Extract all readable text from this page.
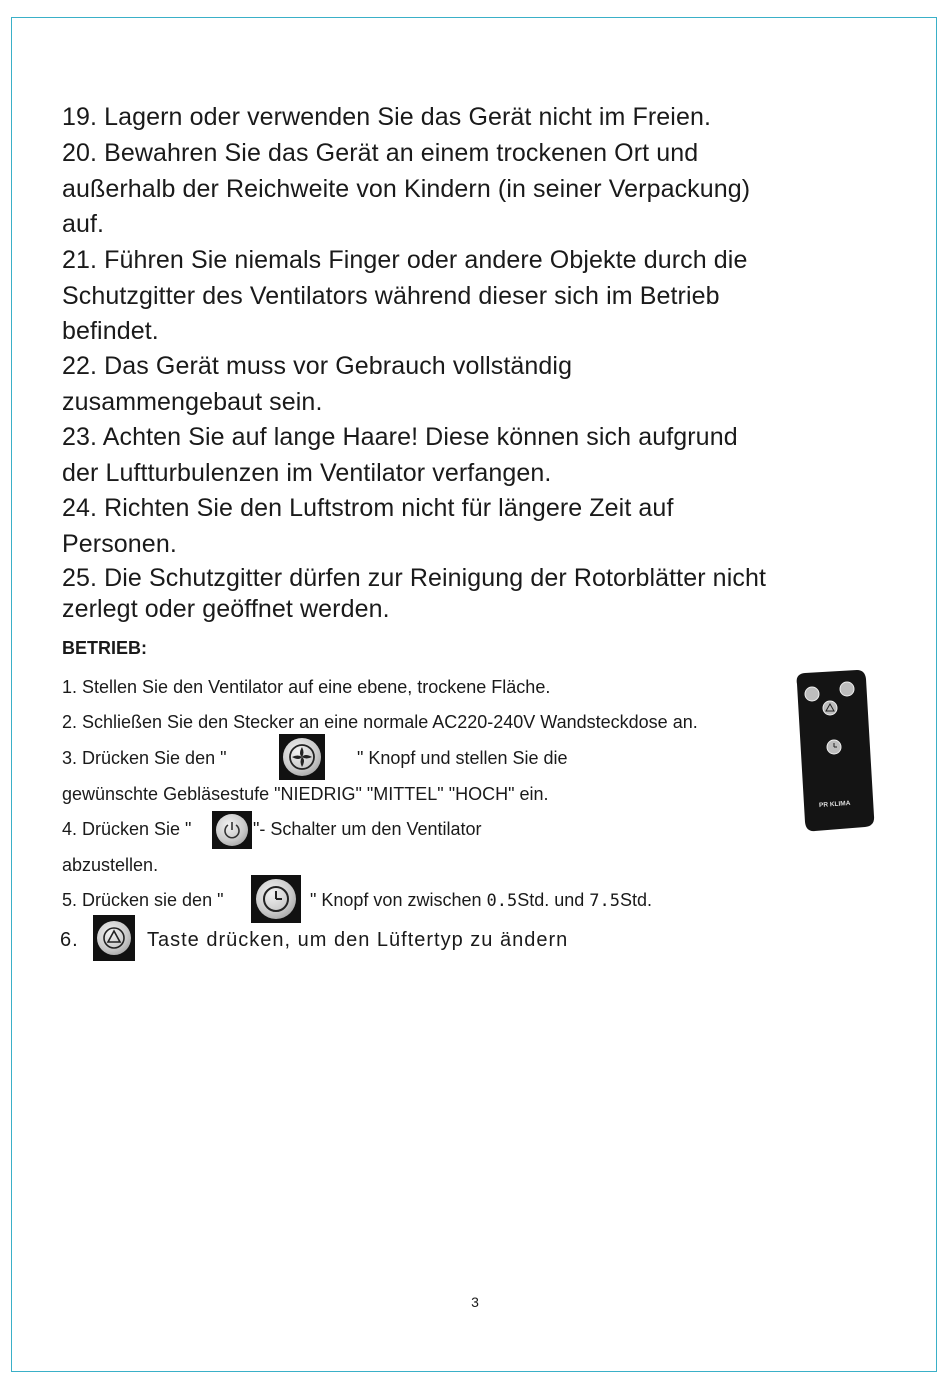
19. Lagern oder verwenden Sie das Gerät nicht im Freien.
20. Bewahren Sie das Gerät an einem trockenen Ort und
außerhalb der Reichweite von Kindern (in seiner Verpackung)
auf.
21. Führen Sie niemals Finger oder andere Objekte durch die
Schutzgitter des Ventilators während dieser sich im Betrieb
befindet.
22. Das Gerät muss vor Gebrauch vollständig
zusammengebaut sein.
23. Achten Sie auf lange Haare! Diese können sich aufgrund
der Luftturbulenzen im Ventilator verfangen.
24. Richten Sie den Luftstrom nicht für längere Zeit auf
Personen.
25. Die Schutzgitter dürfen zur Reinigung der Rotorblätter nicht
zerlegt oder geöffnet werden.
BETRIEB:
1. Stellen Sie den Ventilator auf eine ebene, trockene Fläche.
2. Schließen Sie den Stecker an eine normale AC220-240V Wandsteckdose an.
3. Drücken Sie den "	" Knopf und stellen Sie die
gewünschte Gebläsestufe "NIEDRIG" "MITTEL" "HOCH" ein.
4. Drücken Sie "	"- Schalter um den Ventilator
abzustellen.
5. Drücken sie den "	" Knopf von zwischen 0.5Std. und 7.5Std.
6.	Taste drücken, um den Lüftertyp zu ändern
PR KLIMA
3
